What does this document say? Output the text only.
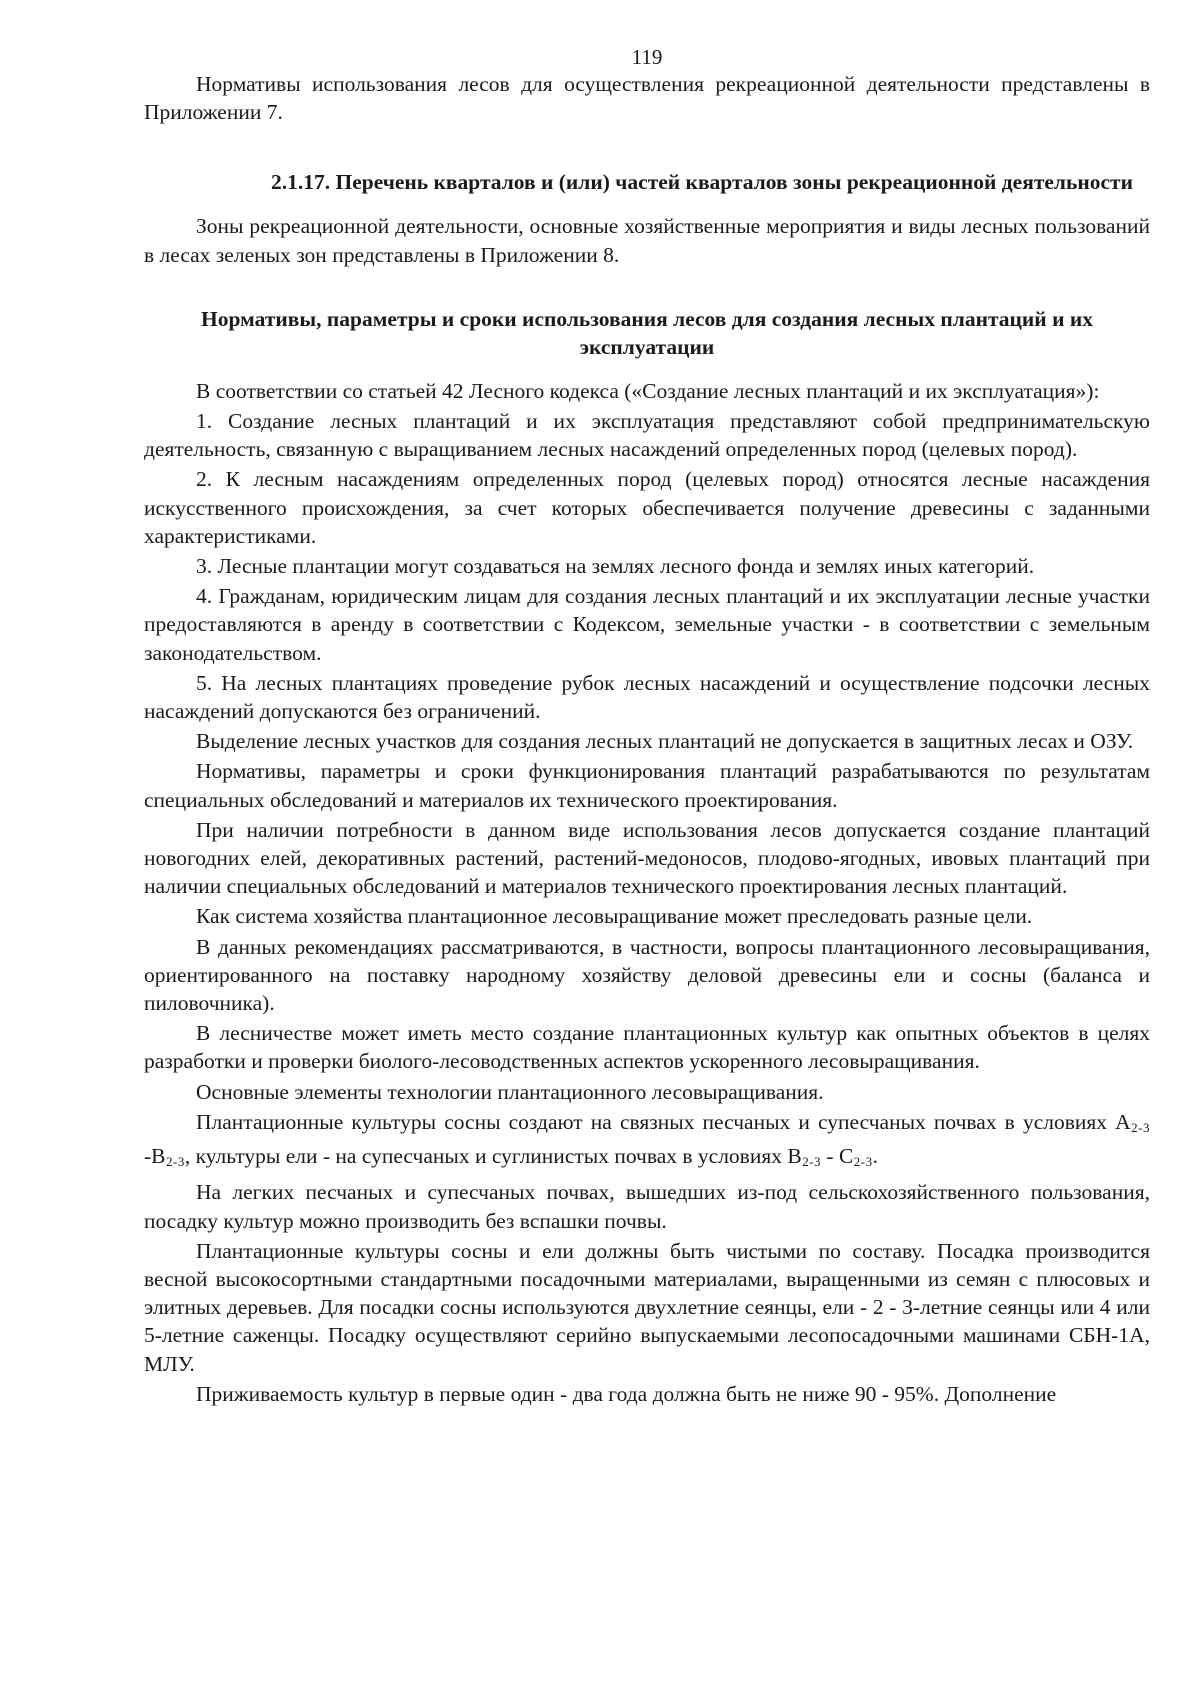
119

Нормативы использования лесов для осуществления рекреационной деятельности представлены в Приложении 7.

2.1.17. Перечень кварталов и (или) частей кварталов зоны рекреационной деятельности

Зоны рекреационной деятельности, основные хозяйственные мероприятия и виды лесных пользований в лесах зеленых зон представлены в Приложении 8.

Нормативы, параметры и сроки использования лесов для создания лесных плантаций и их эксплуатации

В соответствии со статьей 42 Лесного кодекса («Создание лесных плантаций и их эксплуатация»):

1. Создание лесных плантаций и их эксплуатация представляют собой предпринимательскую деятельность, связанную с выращиванием лесных насаждений определенных пород (целевых пород).

2. К лесным насаждениям определенных пород (целевых пород) относятся лесные насаждения искусственного происхождения, за счет которых обеспечивается получение древесины с заданными характеристиками.

3. Лесные плантации могут создаваться на землях лесного фонда и землях иных категорий.

4. Гражданам, юридическим лицам для создания лесных плантаций и их эксплуатации лесные участки предоставляются в аренду в соответствии с Кодексом, земельные участки - в соответствии с земельным законодательством.

5. На лесных плантациях проведение рубок лесных насаждений и осуществление подсочки лесных насаждений допускаются без ограничений.

Выделение лесных участков для создания лесных плантаций не допускается в защитных лесах и ОЗУ.

Нормативы, параметры и сроки функционирования плантаций разрабатываются по результатам специальных обследований и материалов их технического проектирования.

При наличии потребности в данном виде использования лесов допускается создание плантаций новогодних елей, декоративных растений, растений-медоносов, плодово-ягодных, ивовых плантаций при наличии специальных обследований и материалов технического проектирования лесных плантаций.

Как система хозяйства плантационное лесовыращивание может преследовать разные цели.

В данных рекомендациях рассматриваются, в частности, вопросы плантационного лесовыращивания, ориентированного на поставку народному хозяйству деловой древесины ели и сосны (баланса и пиловочника).

В лесничестве может иметь место создание плантационных культур как опытных объектов в целях разработки и проверки биолого-лесоводственных аспектов ускоренного лесовыращивания.

Основные элементы технологии плантационного лесовыращивания.

Плантационные культуры сосны создают на связных песчаных и супесчаных почвах в условиях $А_{2-3}$ $-В_{2-3}$, культуры ели - на супесчаных и суглинистых почвах в условиях $В_{2-3} - С_{2-3}$.

На легких песчаных и супесчаных почвах, вышедших из-под сельскохозяйственного пользования, посадку культур можно производить без вспашки почвы.

Плантационные культуры сосны и ели должны быть чистыми по составу. Посадка производится весной высокосортными стандартными посадочными материалами, выращенными из семян с плюсовых и элитных деревьев. Для посадки сосны используются двухлетние сеянцы, ели - 2 - 3-летние сеянцы или 4 или 5-летние саженцы. Посадку осуществляют серийно выпускаемыми лесопосадочными машинами СБН-1А, МЛУ.

Приживаемость культур в первые один - два года должна быть не ниже 90 - 95%. Дополнение
